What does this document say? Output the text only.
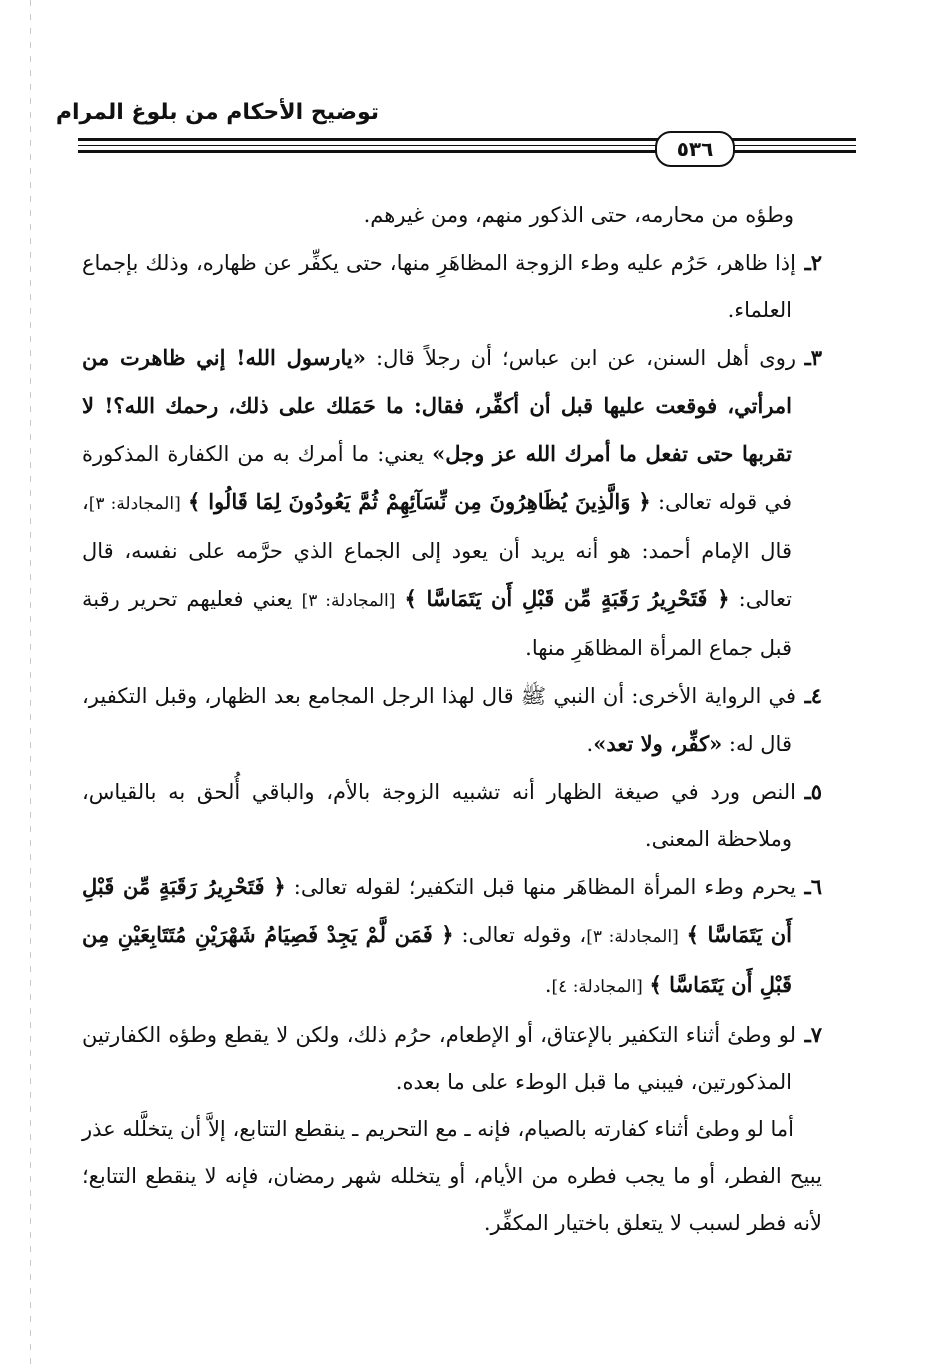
توضيح الأحكام من بلوغ المرام
٥٣٦

وطؤه من محارمه، حتى الذكور منهم، ومن غيرهم.

٢ـإذا ظاهر، حَرُم عليه وطء الزوجة المظاهَرِ منها، حتى يكفِّر عن ظهاره، وذلك بإجماع العلماء.

٣ـروى أهل السنن، عن ابن عباس؛ أن رجلاً قال: «يارسول الله! إني ظاهرت من امرأتي، فوقعت عليها قبل أن أكفِّر، فقال: ما حَمَلك على ذلك، رحمك الله؟! لا تقربها حتى تفعل ما أمرك الله عز وجل» يعني: ما أمرك به من الكفارة المذكورة في قوله تعالى: ﴿ وَالَّذِينَ يُظَاهِرُونَ مِن نِّسَآئِهِمْ ثُمَّ يَعُودُونَ لِمَا قَالُوا ﴾ [المجادلة: ٣]، قال الإمام أحمد: هو أنه يريد أن يعود إلى الجماع الذي حرَّمه على نفسه، قال تعالى: ﴿ فَتَحْرِيرُ رَقَبَةٍ مِّن قَبْلِ أَن يَتَمَاسَّا ﴾ [المجادلة: ٣] يعني فعليهم تحرير رقبة قبل جماع المرأة المظاهَرِ منها.

٤ـفي الرواية الأخرى: أن النبي ﷺ قال لهذا الرجل المجامع بعد الظهار، وقبل التكفير، قال له: «كفِّر، ولا تعد».

٥ـالنص ورد في صيغة الظهار أنه تشبيه الزوجة بالأم، والباقي أُلحق به بالقياس، وملاحظة المعنى.

٦ـيحرم وطء المرأة المظاهَر منها قبل التكفير؛ لقوله تعالى: ﴿ فَتَحْرِيرُ رَقَبَةٍ مِّن قَبْلِ أَن يَتَمَاسَّا ﴾ [المجادلة: ٣]، وقوله تعالى: ﴿ فَمَن لَّمْ يَجِدْ فَصِيَامُ شَهْرَيْنِ مُتَتَابِعَيْنِ مِن قَبْلِ أَن يَتَمَاسَّا ﴾ [المجادلة: ٤].

٧ـلو وطئ أثناء التكفير بالإعتاق، أو الإطعام، حرُم ذلك، ولكن لا يقطع وطؤه الكفارتين المذكورتين، فيبني ما قبل الوطء على ما بعده.

أما لو وطئ أثناء كفارته بالصيام، فإنه ـ مع التحريم ـ ينقطع التتابع، إلاَّ أن يتخلَّله عذر يبيح الفطر، أو ما يجب فطره من الأيام، أو يتخلله شهر رمضان، فإنه لا ينقطع التتابع؛ لأنه فطر لسبب لا يتعلق باختيار المكفِّر.
